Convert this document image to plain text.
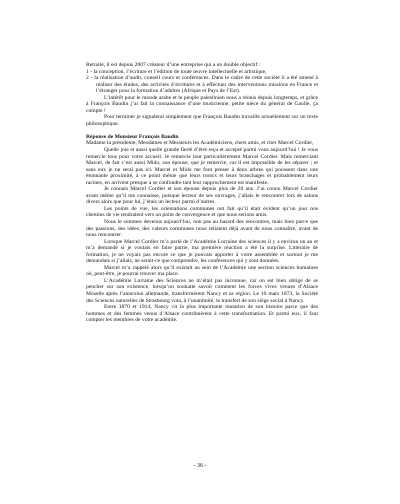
Retraité, il est depuis 2007 créateur d’une entreprise qui a un double objectif :

1 - la conception, l’écriture et l’édition de toute œuvre intellectuelle et artistique,

2 - la réalisation d’audit, conseil cours et conférences. Dans le cadre de cette société il a été amené à réaliser des études, des activités d’écritures et à effectuer des interventions missions en France et l’étranger pour la formation d’adultes (Afrique et Pays de l’Est).

L’intérêt pour le monde arabe et le peuple palestinien nous a réunis depuis longtemps, et grâce à François Baudin j’ai fait la connaissance d’une musicienne, petite nièce du général de Gaulle, ça compte !

Pour terminer je signalerai simplement que François Baudin travaille actuellement sur un texte philosophique.

Réponse de Monsieur François Baudin

Madame la présidente, Mesdames et Messieurs les Académiciens, chers amis, et cher Marcel Cordier,

Quelle joie et aussi quelle grande fierté d’être reçu et accepté parmi vous aujourd’hui ! Je vous remercie tous pour votre accueil. Je remercie tout particulièrement Marcel Cordier. Mais remerciant Marcel, de fait c’est aussi Mido, son épouse, que je remercie, car il est impossible de les séparer ; et sans eux je ne serai pas ici. Marcel et Mido me font penser à deux arbres qui poussent dans une étonnante proximité, à ce point même que leurs troncs et leurs branchages et probablement leurs racines, en arrivent presque à se confondre tant leur rapprochement est manifeste.

Je connais Marcel Cordier et son épouse depuis plus de 20 ans. J’ai connu Marcel Cordier avant même qu’il me connaisse, puisque lecteur de ses ouvrages, j’allais le rencontrer lors de salons divers alors que pour lui, j’étais un lecteur parmi d’autres.

Les points de vue, les orientations communes ont fait qu’il était évident qu’un jour nos chemins de vie tendraient vers un point de convergence et que nous serions amis.

Nous le sommes devenus aujourd’hui, non pas au hasard des rencontres, mais bien parce que des passions, des idées, des valeurs communes nous reliaient déjà avant de nous connaître, avant de nous rencontrer.

Lorsque Marcel Cordier m’a parlé de l’Académie Lorraine des sciences il y a environ un an et m’a demandé si je voulais en faire partie, ma première réaction a été la surprise. Littéraire de formation, je ne voyais pas encore ce que je pouvais apporter à votre assemblée et surtout je me demandais si j’allais, ne serait-ce que comprendre, les conférences qui y sont données.

Marcel m’a rappelé alors qu’il existait au sein de l’Académie une section sciences humaines où, peut-être, je pourrai trouver ma place.

L’Académie Lorraine des Sciences ne m’était pas inconnue, car on est bien obligé de se pencher sur son existence, lorsqu’on souhaite savoir comment les forces vives venues d’Alsace Moselle après l’annexion allemande, transformèrent Nancy et sa région. Le 10 mars 1873, la Société des Sciences naturelles de Strasbourg vota, à l’unanimité, le transfert de son siège social à Nancy.

Entre 1870 et 1914, Nancy vit la plus importante mutation de son histoire parce que des hommes et des femmes venus d’Alsace contribuèrent à cette transformation. Et parmi eux, il faut compter les membres de votre académie.

- 36 -
